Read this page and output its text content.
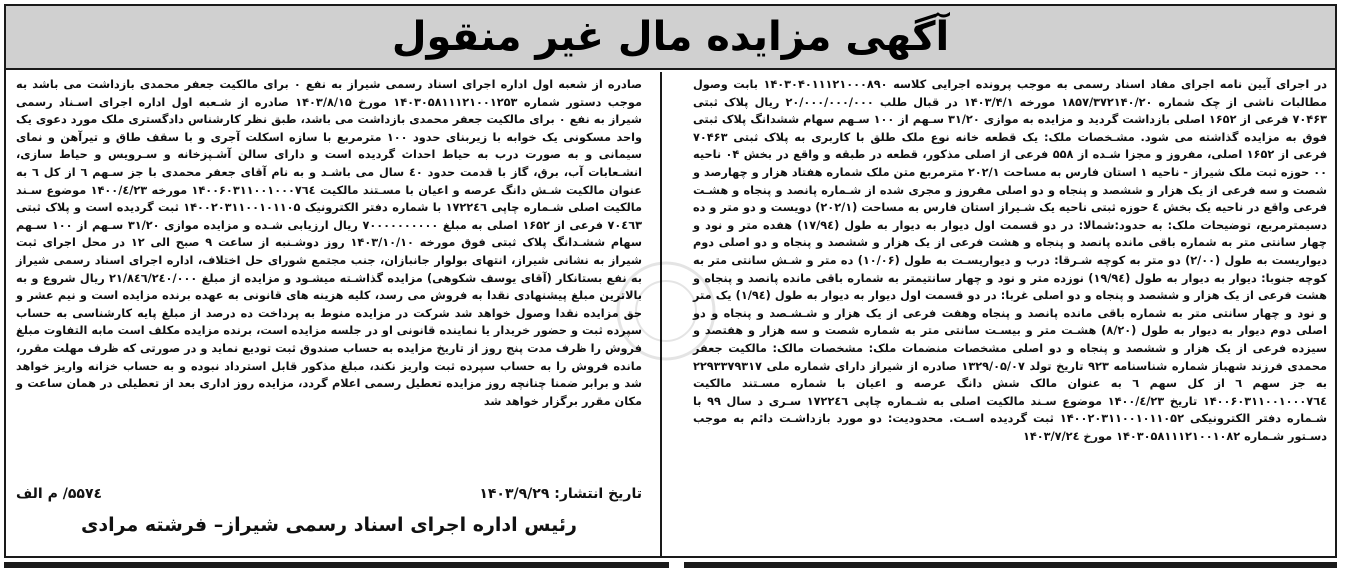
آگهی مزایده مال غیر منقول
در اجرای آیین نامه اجرای مفاد اسناد رسمی به موجب پرونده اجرایی کلاسه ۱۴۰۳۰۴۰۱۱۱۲۱۰۰۰۸۹۰ بابت وصول مطالبات ناشی از چک شماره ۱۸۵۷/۳۷۲۱۴۰/۲۰ مورخه ۱۴۰۳/۴/۱ در قبال طلب ۲۰/۰۰۰/۰۰۰/۰۰۰ ریال پلاک ثبتی ۷۰۴۶۳ فرعی از ۱۶۵۲ اصلی بازداشت گردید و مزایده به موازی ۳۱/۲۰ سـهم از ۱۰۰ سـهم سهام ششدانگ پلاک ثبتی فوق به مزایده گذاشته می شود. مشـخصات ملک: یک قطعه خانه نوع ملک طلق با کاربری به پلاک ثبتی ۷۰۴۶۳ فرعی از ۱۶۵۲ اصلی، مفروز و مجزا شـده از ۵۵۸ فرعی از اصلی مذکور، قطعه در طبقه و واقع در بخش ۰۴ ناحیه ۰۰ حوزه ثبت ملک شیراز - ناحیه ۱ استان فارس به مساحت ۲۰۲/۱ مترمربع متن ملک شماره هفتاد هزار و چهارصد و شصت و سه فرعی از یک هزار و ششصد و پنجاه و دو اصلی مفروز و مجری شده از شـماره پانصد و پنجاه و هشـت فرعی واقع در ناحیه یک بخش ٤ حوزه ثبتی ناحیه یک شـیراز استان فارس به مساحت (۲۰۲/۱) دویست و دو متر و ده دسیمترمربع، توضیحات ملک: به حدود:شمالا: در دو قسمت اول دیوار به دیوار به طول (۱۷/۹٤) هفده متر و نود و چهار سانتی متر به شماره باقی مانده پانصد و پنجاه و هشت فرعی از یک هزار و ششصد و پنجاه و دو اصلی دوم دیواریست به طول (۲/۰۰) دو متر به کوچه شـرقا: درب و دیواریسـت به طول (۱۰/۰۶) ده متر و شـش سانتی متر به کوچه جنوبا: دیوار به دیوار به طول (۱۹/۹٤) نوزده متر و نود و چهار سانتیمتر به شماره باقی مانده پانصد و پنجاه و هشت فرعی از یک هزار و ششصد و پنجاه و دو اصلی غربا: در دو قسمت اول دیوار به دیوار به طول (۱/۹٤) یک متر و نود و چهار سانتی متر به شماره باقی مانده پانصد و پنجاه وهفت فرعی از یک هزار و شـشـصد و پنجاه و دو اصلی دوم دیوار به دیوار به طول (۸/۲۰) هشـت متر و بیسـت سانتی متر به شماره شصت و سه هزار و هفتصد و سیزده فرعی از یک هزار و ششصد و پنجاه و دو اصلی مشخصات منضمات ملک: مشخصات مالک: مالکیت جعفر محمدی فرزند شهباز شماره شناسنامه ۹۲۳ تاریخ تولد ۱۳۲۹/۰۵/۰۷ صادره از شیراز دارای شماره ملی ۲۲۹۳۳۷۹۳۱۷ به جز سهم ٦ از کل سهم ٦ به عنوان مالک شش دانگ عرصه و اعیان با شماره مسـتند مالکیت ۱۴۰۰۶۰۳۱۱۰۰۱۰۰۰۷٦٤ تاریخ ۱۴۰۰/٤/۲۳ موضوع سـند مالکیت اصلی به شـماره چاپی ۱۷۲۲٤٦ سـری د سال ۹۹ با شـماره دفتر الکترونیکی ۱۴۰۰۲۰۳۱۱۰۰۱۰۱۱۰۵۲ ثبت گردیده اسـت. محدودیت: دو مورد بازداشـت دائم به موجب دسـتور شـماره ۱۴۰۳۰۵۸۱۱۱۲۱۰۰۱۰۸۲ مورخ ۱۴۰۳/۷/۲٤
صادره از شعبه اول اداره اجرای اسناد رسمی شیراز به نفع ۰ برای مالکیت جعفر محمدی بازداشت می باشد به موجب دستور شماره ۱۴۰۳۰۵۸۱۱۱۲۱۰۰۱۲۵۳ مورخ ۱۴۰۳/۸/۱۵ صادره از شـعبه اول اداره اجرای اسـناد رسمی شیراز به نفع ۰ برای مالکیت جعفر محمدی بازداشت می باشد، طبق نظر کارشناس دادگستری ملک مورد دعوی یک واحد مسکونی یک خوابه با زیربنای حدود ۱۰۰ مترمربع با سازه اسکلت آجری و با سقف طاق و تیرآهن و نمای سیمانی و به صورت درب به حیاط احداث گردیده است و دارای سالن آشـپزخانه و سـرویس و حیاط سازی، انشـعابات آب، برق، گاز با قدمت حدود ٤۰ سال می باشـد و به نام آقای جعفر محمدی با جز سـهم ٦ از کل ٦ به عنوان مالکیت شـش دانگ عرصه و اعیان با مسـتند مالکیت ۱۴۰۰۶۰۳۱۱۰۰۱۰۰۰۷٦٤ مورخه ۱۴۰۰/٤/۲۳ موضوع سـند مالکیت اصلی شـماره چاپی ۱۷۲۲٤٦ با شماره دفتر الکترونیک ۱۴۰۰۲۰۳۱۱۰۰۱۰۱۱۰۵ ثبت گردیده است و پلاک ثبتی ۷۰٤٦۳ فرعی از ۱۶۵۲ اصلی به مبلغ ۷۰۰۰۰۰۰۰۰۰۰ ریال ارزیابی شـده و مزایده موازی ۳۱/۲۰ سـهم از ۱۰۰ سـهم سهام ششـدانگ پلاک ثبتی فوق مورخه ۱۴۰۳/۱۰/۱۰ روز دوشـنبه از ساعت ۹ صبح الی ۱۲ در محل اجرای ثبت شیراز به نشانی شیراز، انتهای بولوار جانبازان، جنب مجتمع شورای حل اختلاف، اداره اجرای اسناد رسمی شیراز به نفع بستانکار (آقای یوسف شکوهی) مزایده گذاشـته میشـود و مزایده از مبلغ ۲۱/۸٤٦/۲٤۰/۰۰۰ ریال شروع و به بالاترین مبلغ پیشنهادی نقدا به فروش می رسد، کلیه هزینه های قانونی به عهده برنده مزایده است و نیم عشر و حق مزایده نقدا وصول خواهد شد شرکت در مزایده منوط به پرداخت ده درصد از مبلغ پایه کارشناسی به حساب سپرده ثبت و حضور خریدار یا نماینده قانونی او در جلسه مزایده است، برنده مزایده مکلف است مابه التفاوت مبلغ فروش را ظرف مدت پنج روز از تاریخ مزایده به حساب صندوق ثبت تودیع نماید و در صورتی که ظرف مهلت مقرر، مانده فروش را به حساب سپرده ثبت واریز نکند، مبلغ مذکور قابل استرداد نبوده و به حساب خزانه واریز خواهد شد و برابر ضمنا چنانچه روز مزایده تعطیل رسمی اعلام گردد، مزایده روز اداری بعد از تعطیلی در همان ساعت و مکان مقرر برگزار خواهد شد
تاریخ انتشار: ۱۴۰۳/۹/۲۹
۵۵۷٤/ م الف
رئیس اداره اجرای اسناد رسمی شیراز– فرشته مرادی
